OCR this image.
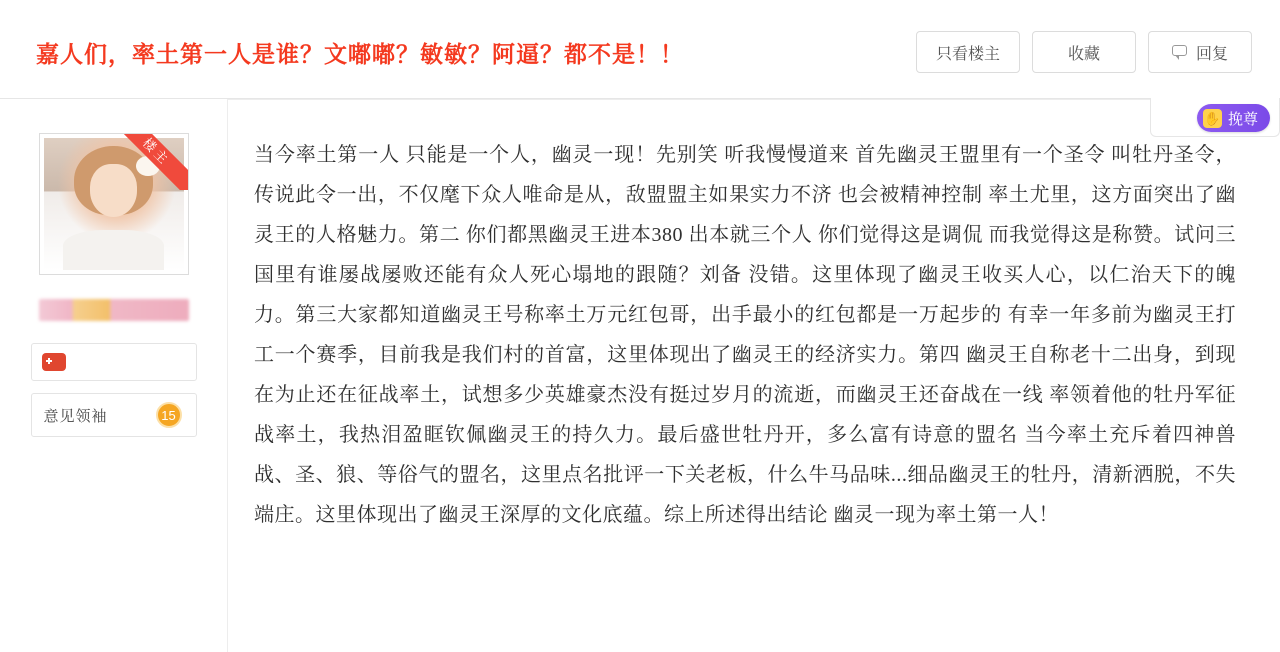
嘉人们，率土第一人是谁？文嘟嘟？敏敏？阿逼？都不是！！	只看楼主	收藏	回复
楼主
意见领袖	15
✋ 挽尊
当今率土第一人 只能是一个人，幽灵一现！先别笑 听我慢慢道来 首先幽灵王盟里有一个圣令 叫牡丹圣令，传说此令一出，不仅麾下众人唯命是从，敌盟盟主如果实力不济 也会被精神控制 率土尤里，这方面突出了幽灵王的人格魅力。第二 你们都黑幽灵王进本380 出本就三个人 你们觉得这是调侃 而我觉得这是称赞。试问三国里有谁屡战屡败还能有众人死心塌地的跟随？刘备 没错。这里体现了幽灵王收买人心，以仁治天下的魄力。第三大家都知道幽灵王号称率土万元红包哥，出手最小的红包都是一万起步的 有幸一年多前为幽灵王打工一个赛季，目前我是我们村的首富，这里体现出了幽灵王的经济实力。第四 幽灵王自称老十二出身，到现在为止还在征战率土，试想多少英雄豪杰没有挺过岁月的流逝，而幽灵王还奋战在一线 率领着他的牡丹军征战率土，我热泪盈眶钦佩幽灵王的持久力。最后盛世牡丹开，多么富有诗意的盟名 当今率土充斥着四神兽 战、圣、狼、等俗气的盟名，这里点名批评一下关老板，什么牛马品味...细品幽灵王的牡丹，清新洒脱，不失端庄。这里体现出了幽灵王深厚的文化底蕴。综上所述得出结论 幽灵一现为率土第一人！
